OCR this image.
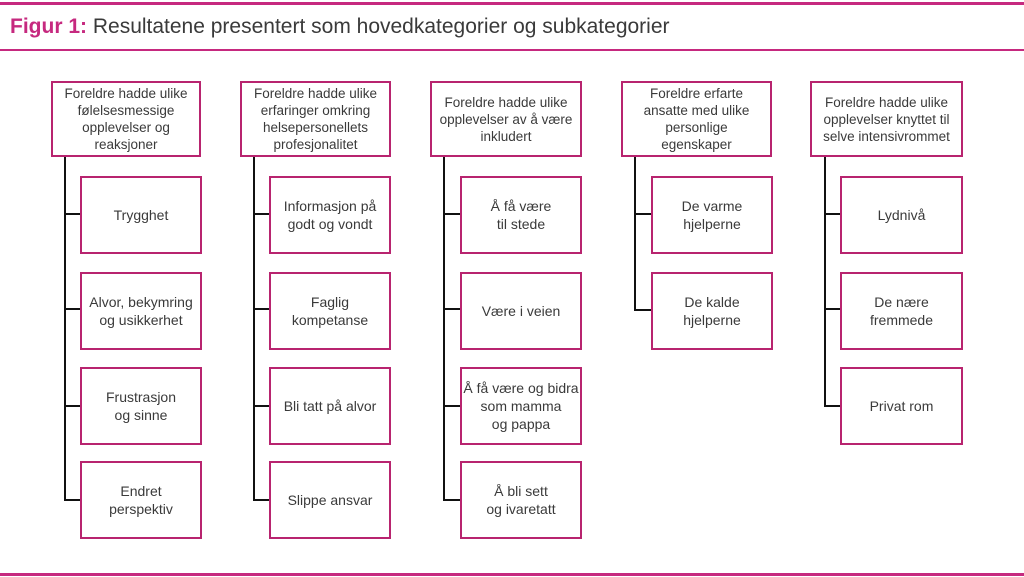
Figur 1: Resultatene presentert som hovedkategorier og subkategorier
Foreldre hadde ulike
følelsesmessige
opplevelser og
reaksjoner
Trygghet
Alvor, bekymring
og usikkerhet
Frustrasjon
og sinne
Endret
perspektiv
Foreldre hadde ulike
erfaringer omkring
helsepersonellets
profesjonalitet
Informasjon på
godt og vondt
Faglig
kompetanse
Bli tatt på alvor
Slippe ansvar
Foreldre hadde ulike
opplevelser av å være
inkludert
Å få være
til stede
Være i veien
Å få være og bidra
som mamma
og pappa
Å bli sett
og ivaretatt
Foreldre erfarte
ansatte med ulike
personlige
egenskaper
De varme
hjelperne
De kalde
hjelperne
Foreldre hadde ulike
opplevelser knyttet til
selve intensivrommet
Lydnivå
De nære
fremmede
Privat rom
